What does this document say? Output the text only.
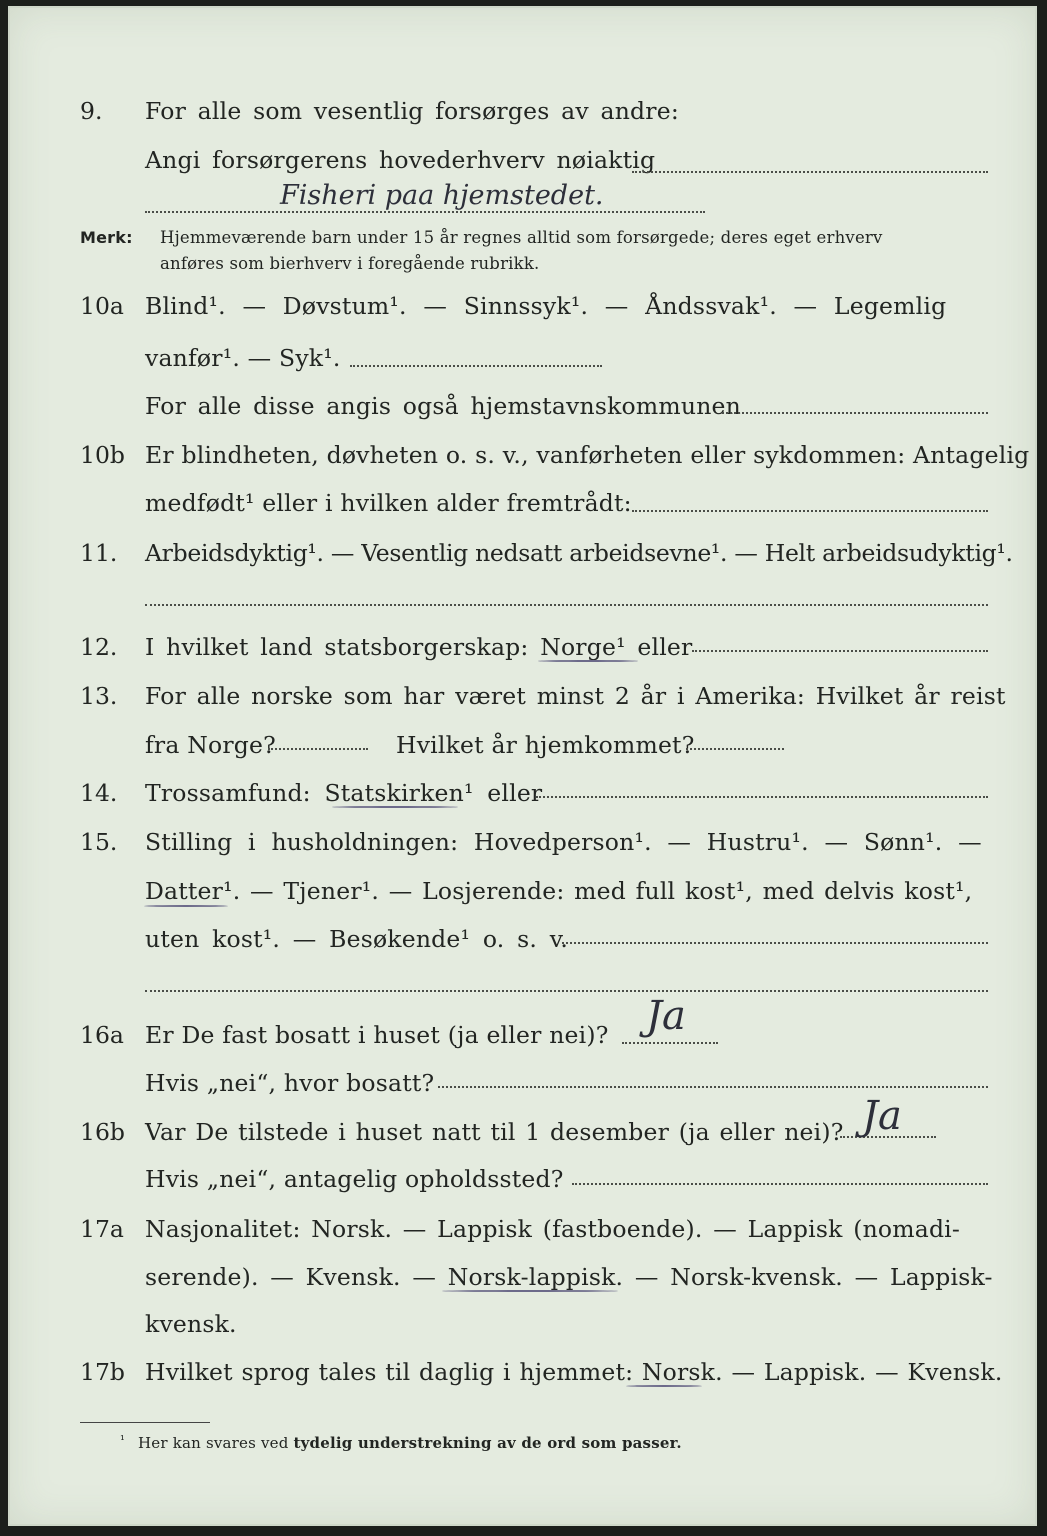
9. For alle som vesentlig forsørges av andre:
Angi forsørgerens hovederhverv nøiaktig
Fisheri paa hjemstedet.
Merk: Hjemmeværende barn under 15 år regnes alltid som forsørgede; deres eget erhverv
anføres som bierhverv i foregående rubrikk.
10a Blind¹. — Døvstum¹. — Sinnssyk¹. — Åndssvak¹. — Legemlig
vanfør¹. — Syk¹.
For alle disse angis også hjemstavnskommunen
10b Er blindheten, døvheten o. s. v., vanførheten eller sykdommen: Antagelig
medfødt¹ eller i hvilken alder fremtrådt:
11. Arbeidsdyktig¹. — Vesentlig nedsatt arbeidsevne¹. — Helt arbeidsudyktig¹.
12. I hvilket land statsborgerskap: Norge¹ eller
13. For alle norske som har været minst 2 år i Amerika: Hvilket år reist
fra Norge?	Hvilket år hjemkommet?
14. Trossamfund: Statskirken¹ eller
15. Stilling i husholdningen: Hovedperson¹. — Hustru¹. — Sønn¹. —
Datter¹. — Tjener¹. — Losjerende: med full kost¹, med delvis kost¹,
uten kost¹. — Besøkende¹ o. s. v.
16a Er De fast bosatt i huset (ja eller nei)? Ja
Hvis „nei“, hvor bosatt?
16b Var De tilstede i huset natt til 1 desember (ja eller nei)? Ja
Hvis „nei“, antagelig opholdssted?
17a Nasjonalitet: Norsk. — Lappisk (fastboende). — Lappisk (nomadi-
serende). — Kvensk. — Norsk-lappisk. — Norsk-kvensk. — Lappisk-
kvensk.
17b Hvilket sprog tales til daglig i hjemmet: Norsk. — Lappisk. — Kvensk.
¹ Her kan svares ved tydelig understrekning av de ord som passer.
